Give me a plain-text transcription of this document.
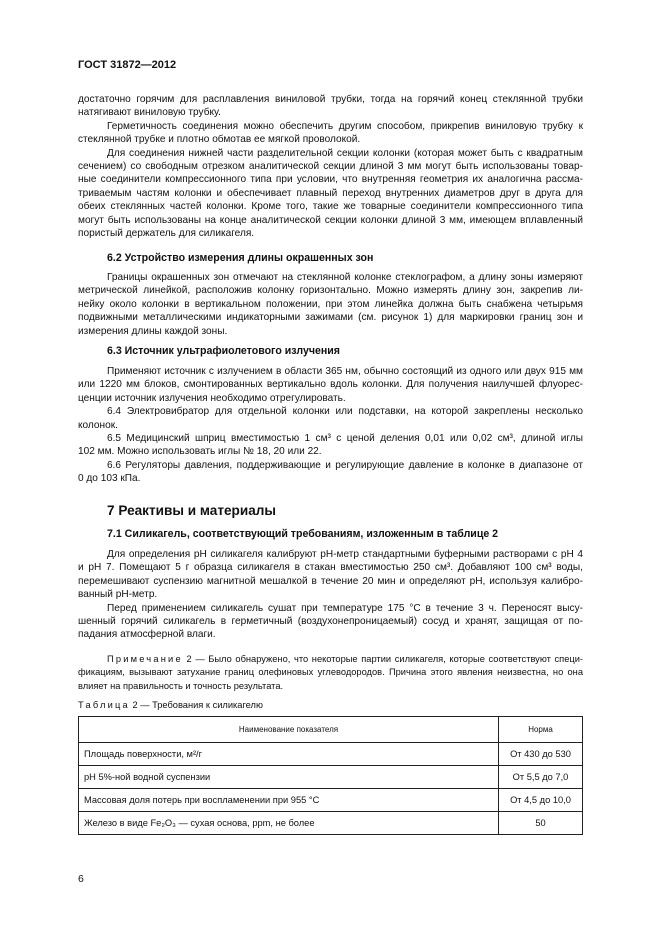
ГОСТ 31872—2012
достаточно горячим для расплавления виниловой трубки, тогда на горячий конец стеклянной трубки
натягивают виниловую трубку.
Герметичность соединения можно обеспечить другим способом, прикрепив виниловую трубку к
стеклянной трубке и плотно обмотав ее мягкой проволокой.
Для соединения нижней части разделительной секции колонки (которая может быть с квадратным
сечением) со свободным отрезком аналитической секции длиной 3 мм могут быть использованы товар-
ные соединители компрессионного типа при условии, что внутренняя геометрия их аналогична рассма-
триваемым частям колонки и обеспечивает плавный переход внутренних диаметров друг в друга для
обеих стеклянных частей колонки. Кроме того, такие же товарные соединители компрессионного типа
могут быть использованы на конце аналитической секции колонки длиной 3 мм, имеющем вплавленный
пористый держатель для силикагеля.
6.2 Устройство измерения длины окрашенных зон
Границы окрашенных зон отмечают на стеклянной колонке стеклографом, а длину зоны измеряют
метрической линейкой, расположив колонку горизонтально. Можно измерять длину зон, закрепив ли-
нейку около колонки в вертикальном положении, при этом линейка должна быть снабжена четырьмя
подвижными металлическими индикаторными зажимами (см. рисунок 1) для маркировки границ зон и
измерения длины каждой зоны.
6.3 Источник ультрафиолетового излучения
Применяют источник с излучением в области 365 нм, обычно состоящий из одного или двух 915 мм
или 1220 мм блоков, смонтированных вертикально вдоль колонки. Для получения наилучшей флуорес-
ценции источник излучения необходимо отрегулировать.
6.4 Электровибратор для отдельной колонки или подставки, на которой закреплены несколько
колонок.
6.5 Медицинский шприц вместимостью 1 см³ с ценой деления 0,01 или 0,02 см³, длиной иглы
102 мм. Можно использовать иглы № 18, 20 или 22.
6.6 Регуляторы давления, поддерживающие и регулирующие давление в колонке в диапазоне от
0 до 103 кПа.
7 Реактивы и материалы
7.1 Силикагель, соответствующий требованиям, изложенным в таблице 2
Для определения pH силикагеля калибруют pH-метр стандартными буферными растворами с pH 4
и pH 7. Помещают 5 г образца силикагеля в стакан вместимостью 250 см³. Добавляют 100 см³ воды,
перемешивают суспензию магнитной мешалкой в течение 20 мин и определяют pH, используя калибро-
ванный pH-метр.
Перед применением силикагель сушат при температуре 175 °C в течение 3 ч. Переносят высу-
шенный горячий силикагель в герметичный (воздухонепроницаемый) сосуд и хранят, защищая от по-
падания атмосферной влаги.
Примечание 2 — Было обнаружено, что некоторые партии силикагеля, которые соответствуют специ-
фикациям, вызывают затухание границ олефиновых углеводородов. Причина этого явления неизвестна, но она
влияет на правильность и точность результата.
Таблица 2 — Требования к силикагелю
Наименование показателя	Норма
Площадь поверхности, м²/г	От 430 до 530
pH 5%-ной водной суспензии	От 5,5 до 7,0
Массовая доля потерь при воспламенении при 955 °C	От 4,5 до 10,0
Железо в виде Fe₂O₃ — сухая основа, ppm, не более	50
6
